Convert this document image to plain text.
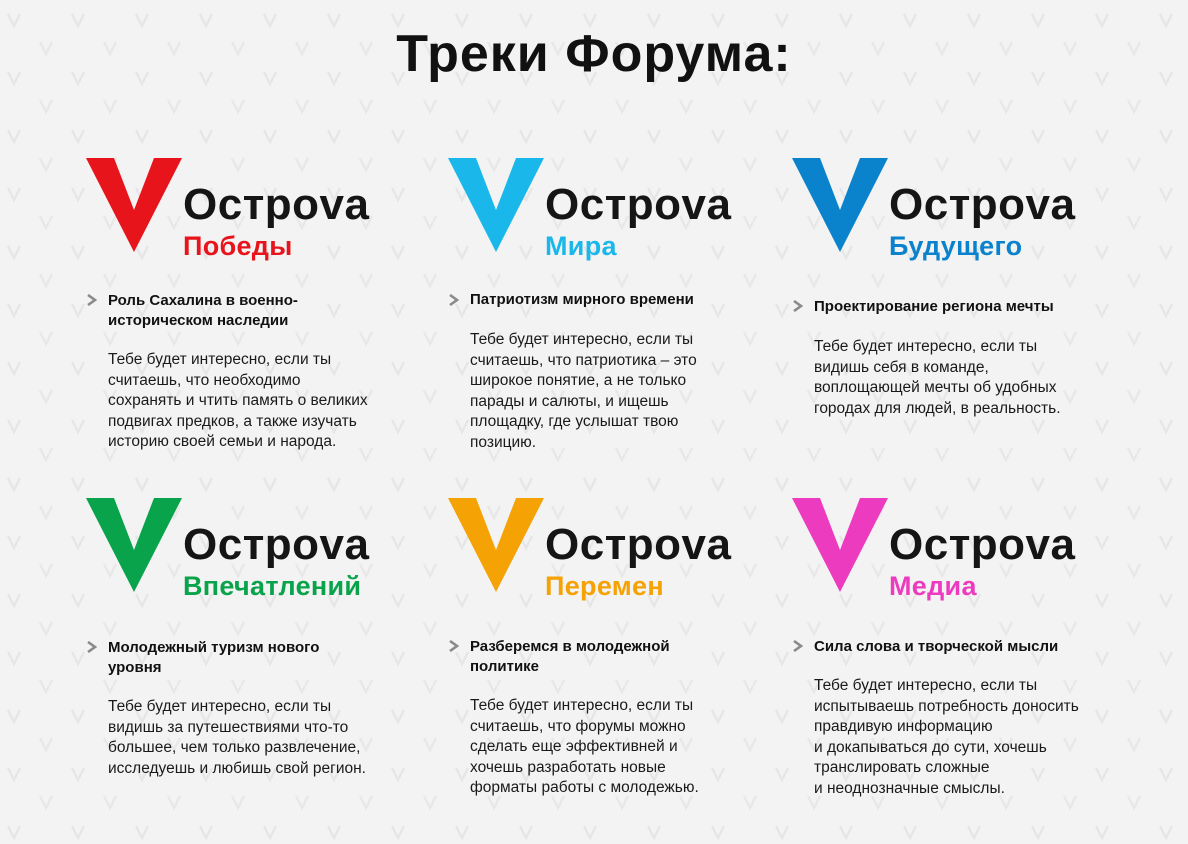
Треки Форума:
Остроva
Победы
Роль Сахалина в военно-
историческом наследии
Тебе будет интересно, если ты
считаешь, что необходимо
сохранять и чтить память о великих
подвигах предков, а также изучать
историю своей семьи и народа.
Остроva
Мира
Патриотизм мирного времени
Тебе будет интересно, если ты
считаешь, что патриотика – это
широкое понятие, а не только
парады и салюты, и ищешь
площадку, где услышат твою
позицию.
Остроva
Будущего
Проектирование региона мечты
Тебе будет интересно, если ты
видишь себя в команде,
воплощающей мечты об удобных
городах для людей, в реальность.
Остроva
Впечатлений
Молодежный туризм нового
уровня
Тебе будет интересно, если ты
видишь за путешествиями что-то
большее, чем только развлечение,
исследуешь и любишь свой регион.
Остроva
Перемен
Разберемся в молодежной
политике
Тебе будет интересно, если ты
считаешь, что форумы можно
сделать еще эффективней и
хочешь разработать новые
форматы работы с молодежью.
Остроva
Медиа
Сила слова и творческой мысли
Тебе будет интересно, если ты
испытываешь потребность доносить
правдивую информацию
и докапываться до сути, хочешь
транслировать сложные
и неоднозначные смыслы.
